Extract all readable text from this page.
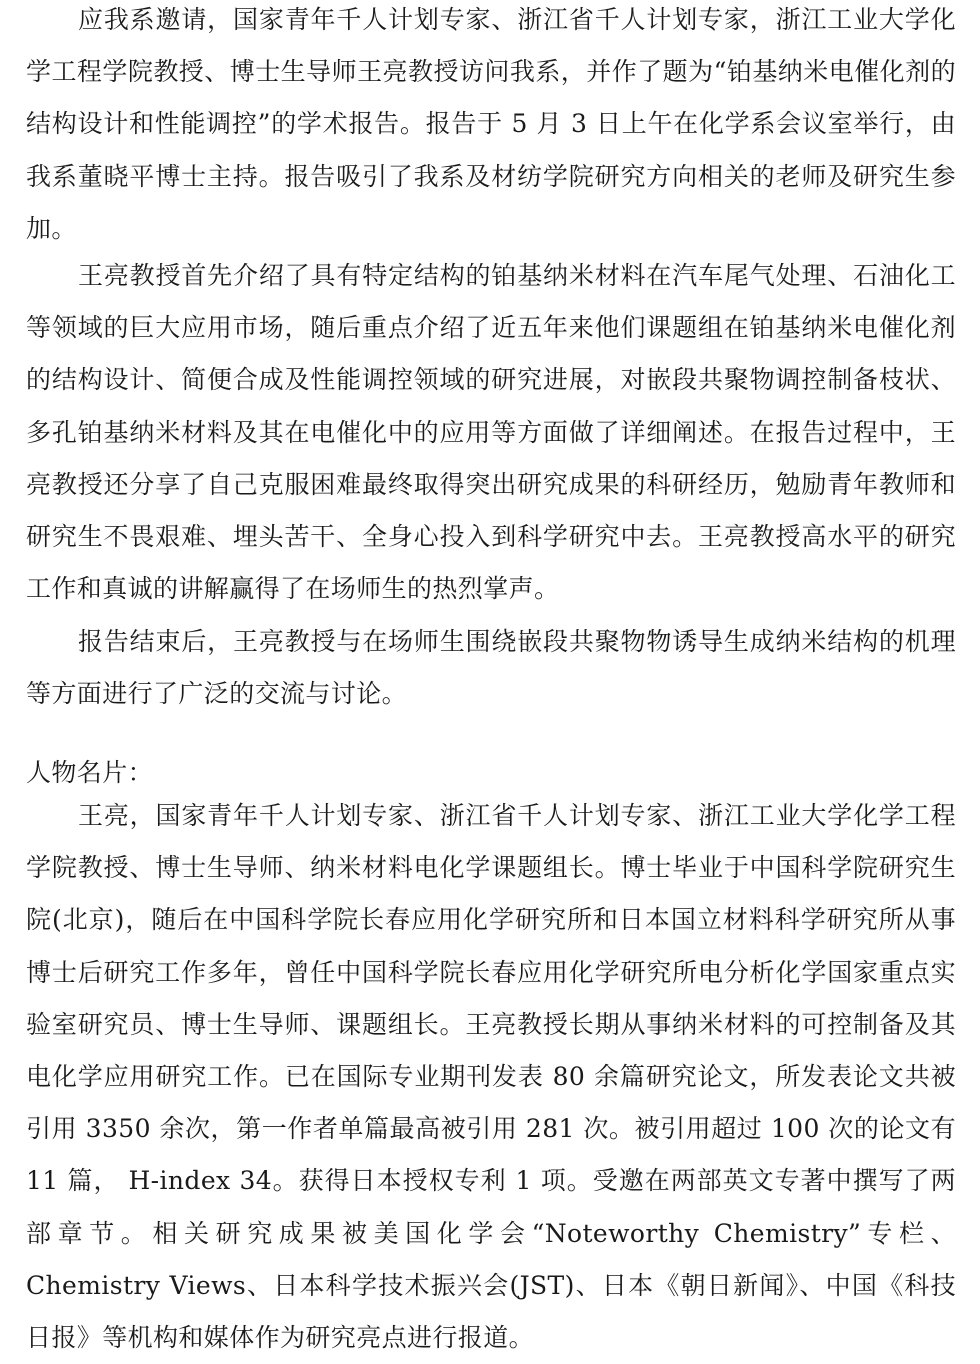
应我系邀请，国家青年千人计划专家、浙江省千人计划专家，浙江工业大学化学工程学院教授、博士生导师王亮教授访问我系，并作了题为“铂基纳米电催化剂的结构设计和性能调控”的学术报告。报告于 5 月 3 日上午在化学系会议室举行，由我系董晓平博士主持。报告吸引了我系及材纺学院研究方向相关的老师及研究生参加。

王亮教授首先介绍了具有特定结构的铂基纳米材料在汽车尾气处理、石油化工等领域的巨大应用市场，随后重点介绍了近五年来他们课题组在铂基纳米电催化剂的结构设计、简便合成及性能调控领域的研究进展，对嵌段共聚物调控制备枝状、多孔铂基纳米材料及其在电催化中的应用等方面做了详细阐述。在报告过程中，王亮教授还分享了自己克服困难最终取得突出研究成果的科研经历，勉励青年教师和研究生不畏艰难、埋头苦干、全身心投入到科学研究中去。王亮教授高水平的研究工作和真诚的讲解赢得了在场师生的热烈掌声。

报告结束后，王亮教授与在场师生围绕嵌段共聚物物诱导生成纳米结构的机理等方面进行了广泛的交流与讨论。

人物名片：

王亮，国家青年千人计划专家、浙江省千人计划专家、浙江工业大学化学工程学院教授、博士生导师、纳米材料电化学课题组长。博士毕业于中国科学院研究生院(北京)，随后在中国科学院长春应用化学研究所和日本国立材料科学研究所从事博士后研究工作多年，曾任中国科学院长春应用化学研究所电分析化学国家重点实验室研究员、博士生导师、课题组长。王亮教授长期从事纳米材料的可控制备及其电化学应用研究工作。已在国际专业期刊发表 80 余篇研究论文，所发表论文共被引用 3350 余次，第一作者单篇最高被引用 281 次。被引用超过 100 次的论文有 11 篇， H-index 34。获得日本授权专利 1 项。受邀在两部英文专著中撰写了两部章节。相关研究成果被美国化学会“Noteworthy Chemistry”专栏、Chemistry Views、日本科学技术振兴会(JST)、日本《朝日新闻》、中国《科技日报》等机构和媒体作为研究亮点进行报道。
